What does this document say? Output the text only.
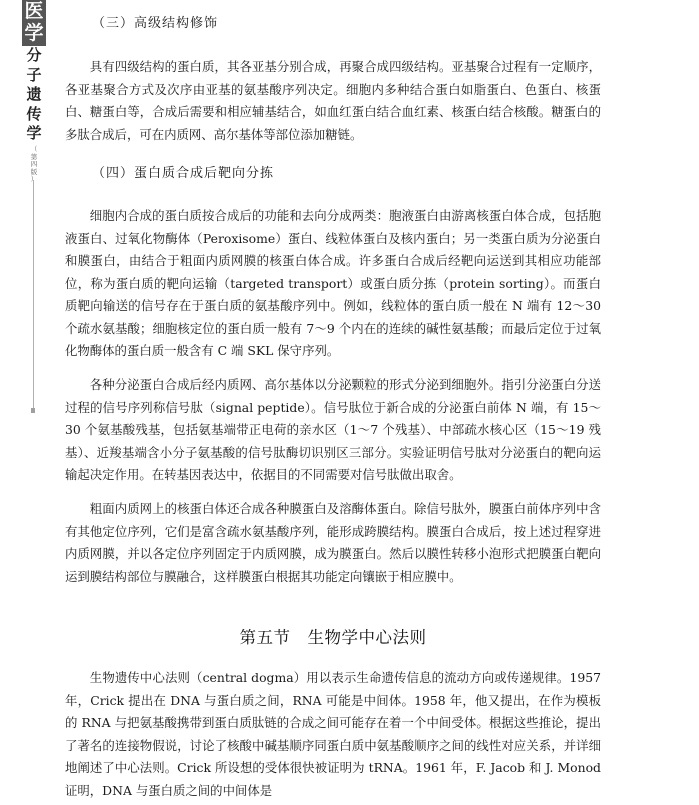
医
学
分
子
遗
传
学
（
第
四
版
）
（三）高级结构修饰

具有四级结构的蛋白质，其各亚基分别合成，再聚合成四级结构。亚基聚合过程有一定顺序，各亚基聚合方式及次序由亚基的氨基酸序列决定。细胞内多种结合蛋白如脂蛋白、色蛋白、核蛋白、糖蛋白等，合成后需要和相应辅基结合，如血红蛋白结合血红素、核蛋白结合核酸。糖蛋白的多肽合成后，可在内质网、高尔基体等部位添加糖链。

（四）蛋白质合成后靶向分拣

细胞内合成的蛋白质按合成后的功能和去向分成两类：胞液蛋白由游离核蛋白体合成，包括胞液蛋白、过氧化物酶体（Peroxisome）蛋白、线粒体蛋白及核内蛋白；另一类蛋白质为分泌蛋白和膜蛋白，由结合于粗面内质网膜的核蛋白体合成。许多蛋白合成后经靶向运送到其相应功能部位，称为蛋白质的靶向运输（targeted transport）或蛋白质分拣（protein sorting）。而蛋白质靶向输送的信号存在于蛋白质的氨基酸序列中。例如，线粒体的蛋白质一般在 N 端有 12～30 个疏水氨基酸；细胞核定位的蛋白质一般有 7～9 个内在的连续的碱性氨基酸；而最后定位于过氧化物酶体的蛋白质一般含有 C 端 SKL 保守序列。

各种分泌蛋白合成后经内质网、高尔基体以分泌颗粒的形式分泌到细胞外。指引分泌蛋白分送过程的信号序列称信号肽（signal peptide）。信号肽位于新合成的分泌蛋白前体 N 端，有 15～30 个氨基酸残基，包括氨基端带正电荷的亲水区（1～7 个残基）、中部疏水核心区（15～19 残基）、近羧基端含小分子氨基酸的信号肽酶切识别区三部分。实验证明信号肽对分泌蛋白的靶向运输起决定作用。在转基因表达中，依据目的不同需要对信号肽做出取舍。

粗面内质网上的核蛋白体还合成各种膜蛋白及溶酶体蛋白。除信号肽外，膜蛋白前体序列中含有其他定位序列，它们是富含疏水氨基酸序列，能形成跨膜结构。膜蛋白合成后，按上述过程穿进内质网膜，并以各定位序列固定于内质网膜，成为膜蛋白。然后以膜性转移小泡形式把膜蛋白靶向运到膜结构部位与膜融合，这样膜蛋白根据其功能定向镶嵌于相应膜中。

第五节　生物学中心法则

生物遗传中心法则（central dogma）用以表示生命遗传信息的流动方向或传递规律。1957 年，Crick 提出在 DNA 与蛋白质之间，RNA 可能是中间体。1958 年，他又提出，在作为模板的 RNA 与把氨基酸携带到蛋白质肽链的合成之间可能存在着一个中间受体。根据这些推论，提出了著名的连接物假说，讨论了核酸中碱基顺序同蛋白质中氨基酸顺序之间的线性对应关系，并详细地阐述了中心法则。Crick 所设想的受体很快被证明为 tRNA。1961 年，F. Jacob 和 J. Monod 证明，DNA 与蛋白质之间的中间体是
